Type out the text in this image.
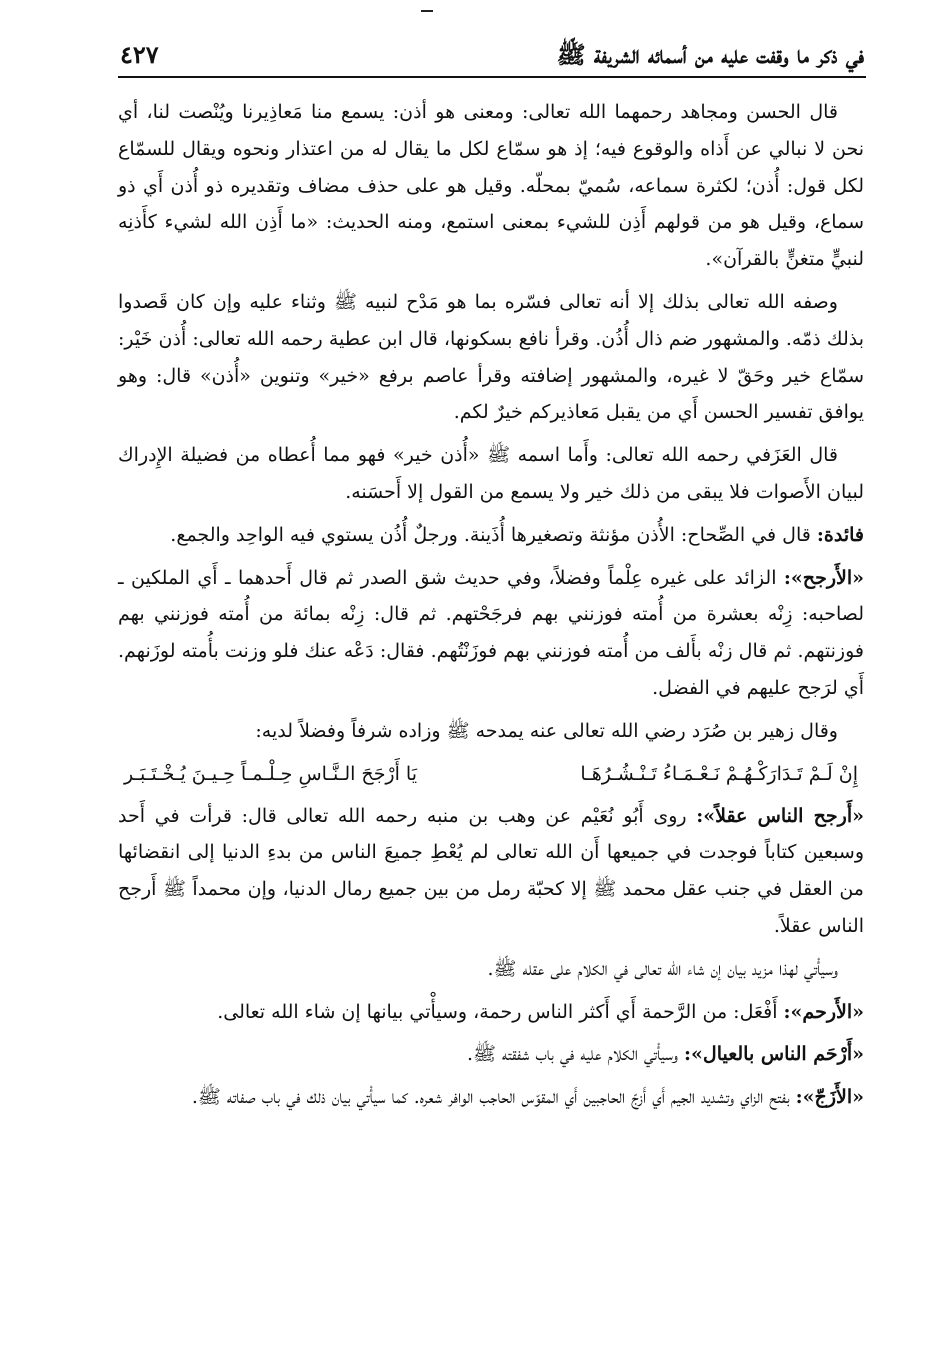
في ذكر ما وقفت عليه من أسمائه الشريفة ﷺ
٤٢٧

قال الحسن ومجاهد رحمهما الله تعالى: ومعنى هو أذن: يسمع منا مَعاذِيرنا ويُنْصت لنا، أي نحن لا نبالي عن أَذاه والوقوع فيه؛ إذ هو سمّاع لكل ما يقال له من اعتذار ونحوه ويقال للسمّاع لكل قول: أُذن؛ لكثرة سماعه، سُميّ بمحلّه. وقيل هو على حذف مضاف وتقديره ذو أُذن أَي ذو سماع، وقيل هو من قولهم أَذِن للشيء بمعنى استمع، ومنه الحديث: «ما أَذِن الله لشيء كأَذنِه لنبيٍّ متغنٍّ بالقرآن».

وصفه الله تعالى بذلك إلا أنه تعالى فسّره بما هو مَدْح لنبيه ﷺ وثناء عليه وإن كان قَصدوا بذلك ذمّه. والمشهور ضم ذال أُذُن. وقرأ نافع بسكونها، قال ابن عطية رحمه الله تعالى: أُذن خَيْر: سمّاع خير وحَقّ لا غيره، والمشهور إضافته وقرأ عاصم برفع «خير» وتنوين «أُذن» قال: وهو يوافق تفسير الحسن أَي من يقبل مَعاذيركم خيرٌ لكم.

قال العَزَفي رحمه الله تعالى: وأَما اسمه ﷺ «أُذن خير» فهو مما أُعطاه من فضيلة الإِدراك لبيان الأَصوات فلا يبقى من ذلك خير ولا يسمع من القول إلا أَحسَنه.

فائدة: قال في الصِّحاح: الأُذن مؤنثة وتصغيرها أُذَينة. ورجلٌ أُذُن يستوي فيه الواحِد والجمع.

«الأَرجح»: الزائد على غيره عِلْماً وفضلاً، وفي حديث شق الصدر ثم قال أَحدهما ـ أَي الملكين ـ لصاحبه: زِنْه بعشرة من أُمته فوزنني بهم فرجَحْتهم. ثم قال: زِنْه بمائة من أُمته فوزنني بهم فوزنتهم. ثم قال زنْه بأَلف من أُمته فوزنني بهم فوزَنْتُهم. فقال: دَعْه عنك فلو وزنت بأُمته لوزَنهم. أَي لرَجح عليهم في الفضل.

وقال زهير بن صُرَد رضي الله تعالى عنه يمدحه ﷺ وزاده شرفاً وفضلاً لديه:

إِنْ لَـمْ تَـدَارَكْـهُـمْ نَـعْـمَـاءُ تَـنْـشُـرُهَـا
يَا أَرْجَحَ الـنَّـاسِ حِـلْـمـاً حِـيـنَ يُـخْـتَـبَـر

«أَرجح الناس عقلاً»: روى أَبُو نُعَيْم عن وهب بن منبه رحمه الله تعالى قال: قرأت في أَحد وسبعين كتاباً فوجدت في جميعها أَن الله تعالى لم يُعْطِ جميعَ الناس من بدءِ الدنيا إلى انقضائها من العقل في جنب عقل محمد ﷺ إلا كحبّة رمل من بين جميع رمال الدنيا، وإن محمداً ﷺ أَرجح الناس عقلاً.

وسيأْتي لهذا مزيد بيان إن شاء الله تعالى في الكلام على عقله ﷺ.

«الأَرحم»: أَفْعَل: من الرَّحمة أَي أَكثر الناس رحمة، وسيأْتي بيانها إن شاء الله تعالى.

«أَرْحَم الناس بالعيال»: وسيأْتي الكلام عليه في باب شفقته ﷺ.

«الأَزَجّ»: بفتح الزاي وتشديد الجيم أَي أَزجّ الحاجبين أَي المقوّس الحاجب الوافر شعره. كما سيأْتي بيان ذلك في باب صفاته ﷺ.
